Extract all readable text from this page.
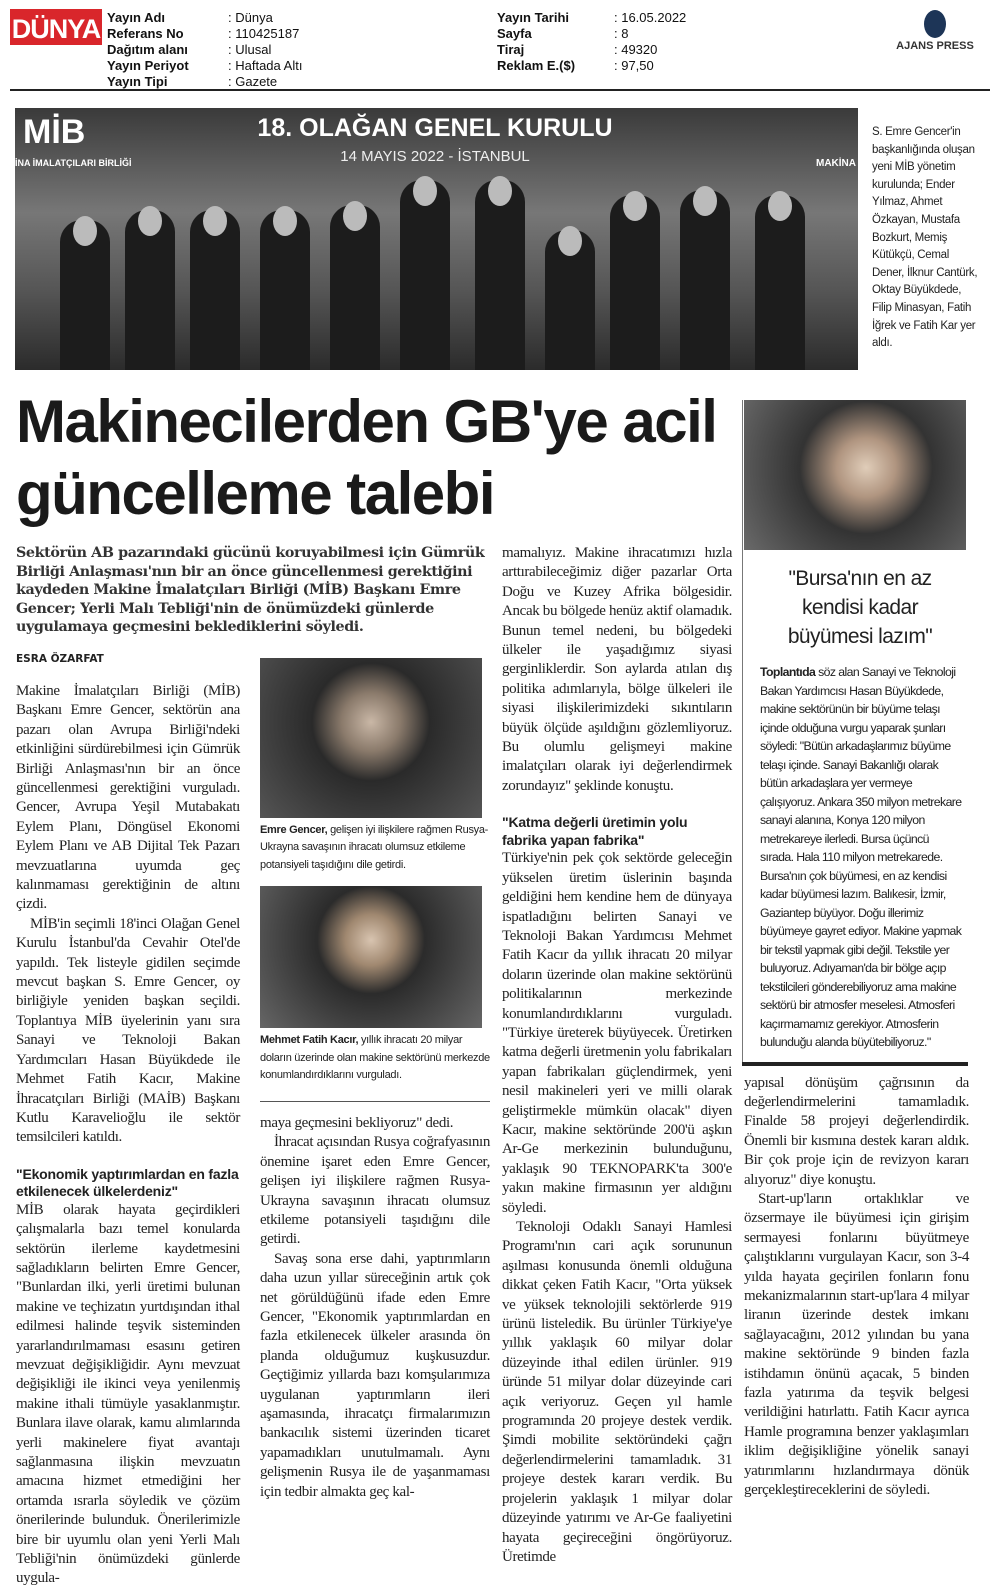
DÜNYA Yayın Adı	: Dünya
Referans No	: 110425187
Dağıtım alanı	: Ulusal
Yayın Periyot	: Haftada Altı
Yayın Tipi	: Gazete
Yayın Tarihi	: 16.05.2022
Sayfa	: 8
Tiraj	: 49320
Reklam E.($)	: 97,50
AJANS PRESS
MİB
İNA İMALATÇILARI BİRLİĞİ
18. OLAĞAN GENEL KURULU
14 MAYIS 2022 - İSTANBUL	MAKİNA
S. Emre Gencer'in başkanlığında oluşan yeni MİB yönetim kurulunda; Ender Yılmaz, Ahmet Özkayan, Mustafa Bozkurt, Memiş Kütükçü, Cemal Dener, İlknur Cantürk, Oktay Büyükdede, Filip Minasyan, Fatih İğrek ve Fatih Kar yer aldı.
Makinecilerden GB'ye acil güncelleme talebi
Sektörün AB pazarındaki gücünü koruyabilmesi için Gümrük Birliği Anlaşması'nın bir an önce güncellenmesi gerektiğini kaydeden Makine İmalatçıları Birliği (MİB) Başkanı Emre Gencer; Yerli Malı Tebliği'nin de önümüzdeki günlerde uygulamaya geçmesini beklediklerini söyledi.
ESRA ÖZARFAT

Makine İmalatçıları Birliği (MİB) Başkanı Emre Gencer, sektörün ana pazarı olan Avrupa Birliği'ndeki etkinliğini sürdürebilmesi için Gümrük Birliği Anlaşması'nın bir an önce güncellenmesi gerektiğini vurguladı. Gencer, Avrupa Yeşil Mutabakatı Eylem Planı, Döngüsel Ekonomi Eylem Planı ve AB Dijital Tek Pazarı mevzuatlarına uyumda geç kalınmaması gerektiğinin de altını çizdi.

MİB'in seçimli 18'inci Olağan Genel Kurulu İstanbul'da Cevahir Otel'de yapıldı. Tek listeyle gidilen seçimde mevcut başkan S. Emre Gencer, oy birliğiyle yeniden başkan seçildi. Toplantıya MİB üyelerinin yanı sıra Sanayi ve Teknoloji Bakan Yardımcıları Hasan Büyükdede ile Mehmet Fatih Kacır, Makine İhracatçıları Birliği (MAİB) Başkanı Kutlu Karavelioğlu ile sektör temsilcileri katıldı.

"Ekonomik yaptırımlardan en fazla etkilenecek ülkelerdeniz"

MİB olarak hayata geçirdikleri çalışmalarla bazı temel konularda sektörün ilerleme kaydetmesini sağladıkların belirten Emre Gencer, "Bunlardan ilki, yerli üretimi bulunan makine ve teçhizatın yurtdışından ithal edilmesi halinde teşvik sisteminden yararlandırılmaması esasını getiren mevzuat değişikliğidir. Aynı mevzuat değişikliği ile ikinci veya yenilenmiş makine ithali tümüyle yasaklanmıştır. Bunlara ilave olarak, kamu alımlarında yerli makinelere fiyat avantajı sağlanmasına ilişkin mevzuatın amacına hizmet etmediğini her ortamda ısrarla söyledik ve çözüm önerilerinde bulunduk. Önerilerimizle bire bir uyumlu olan yeni Yerli Malı Tebliği'nin önümüzdeki günlerde uygula-

Emre Gencer, gelişen iyi ilişkilere rağmen Rusya-Ukrayna savaşının ihracatı olumsuz etkileme potansiyeli taşıdığını dile getirdi.
Mehmet Fatih Kacır, yıllık ihracatı 20 milyar doların üzerinde olan makine sektörünü merkezde konumlandırdıklarını vurguladı.

maya geçmesini bekliyoruz" dedi.

İhracat açısından Rusya coğrafyasının önemine işaret eden Emre Gencer, gelişen iyi ilişkilere rağmen Rusya-Ukrayna savaşının ihracatı olumsuz etkileme potansiyeli taşıdığını dile getirdi.

Savaş sona erse dahi, yaptırımların daha uzun yıllar süreceğinin artık çok net görüldüğünü ifade eden Emre Gencer, "Ekonomik yaptırımlardan en fazla etkilenecek ülkeler arasında ön planda olduğumuz kuşkusuzdur. Geçtiğimiz yıllarda bazı komşularımıza uygulanan yaptırımların ileri aşamasında, ihracatçı firmalarımızın bankacılık sistemi üzerinden ticaret yapamadıkları unutulmamalı. Aynı gelişmenin Rusya ile de yaşanmaması için tedbir almakta geç kal-

mamalıyız. Makine ihracatımızı hızla arttırabileceğimiz diğer pazarlar Orta Doğu ve Kuzey Afrika bölgesidir. Ancak bu bölgede henüz aktif olamadık. Bunun temel nedeni, bu bölgedeki ülkeler ile yaşadığımız siyasi gerginliklerdir. Son aylarda atılan dış politika adımlarıyla, bölge ülkeleri ile siyasi ilişkilerimizdeki sıkıntıların büyük ölçüde aşıldığını gözlemliyoruz. Bu olumlu gelişmeyi makine imalatçıları olarak iyi değerlendirmek zorundayız" şeklinde konuştu.

"Katma değerli üretimin yolu fabrika yapan fabrika"

Türkiye'nin pek çok sektörde geleceğin yükselen üretim üslerinin başında geldiğini hem kendine hem de dünyaya ispatladığını belirten Sanayi ve Teknoloji Bakan Yardımcısı Mehmet Fatih Kacır da yıllık ihracatı 20 milyar doların üzerinde olan makine sektörünü politikalarının merkezinde konumlandırdıklarını vurguladı. "Türkiye üreterek büyüyecek. Üretirken katma değerli üretmenin yolu fabrikaları yapan fabrikaları güçlendirmek, yeni nesil makineleri yeri ve milli olarak geliştirmekle mümkün olacak" diyen Kacır, makine sektöründe 200'ü aşkın Ar-Ge merkezinin bulunduğunu, yaklaşık 90 TEKNOPARK'ta 300'e yakın makine firmasının yer aldığını söyledi.

Teknoloji Odaklı Sanayi Hamlesi Programı'nın cari açık sorununun aşılması konusunda önemli olduğuna dikkat çeken Fatih Kacır, "Orta yüksek ve yüksek teknolojili sektörlerde 919 ürünü listeledik. Bu ürünler Türkiye'ye yıllık yaklaşık 60 milyar dolar düzeyinde ithal edilen ürünler. 919 üründe 51 milyar dolar düzeyinde cari açık veriyoruz. Geçen yıl hamle programında 20 projeye destek verdik. Şimdi mobilite sektöründeki çağrı değerlendirmelerini tamamladık. 31 projeye destek kararı verdik. Bu projelerin yaklaşık 1 milyar dolar düzeyinde yatırımı ve Ar-Ge faaliyetini hayata geçireceğini öngörüyoruz. Üretimde

"Bursa'nın en az kendisi kadar büyümesi lazım"
Toplantıda söz alan Sanayi ve Teknoloji Bakan Yardımcısı Hasan Büyükdede, makine sektörünün bir büyüme telaşı içinde olduğuna vurgu yaparak şunları söyledi: "Bütün arkadaşlarımız büyüme telaşı içinde. Sanayi Bakanlığı olarak bütün arkadaşlara yer vermeye çalışıyoruz. Ankara 350 milyon metrekare sanayi alanına, Konya 120 milyon metrekareye ilerledi. Bursa üçüncü sırada. Hala 110 milyon metrekarede. Bursa'nın çok büyümesi, en az kendisi kadar büyümesi lazım. Balıkesir, İzmir, Gaziantep büyüyor. Doğu illerimiz büyümeye gayret ediyor. Makine yapmak bir tekstil yapmak gibi değil. Tekstile yer buluyoruz. Adıyaman'da bir bölge açıp tekstilcileri gönderebiliyoruz ama makine sektörü bir atmosfer meselesi. Atmosferi kaçırmamamız gerekiyor. Atmosferin bulunduğu alanda büyütebiliyoruz."

yapısal dönüşüm çağrısının da değerlendirmelerini tamamladık. Finalde 58 projeyi değerlendirdik. Önemli bir kısmına destek kararı aldık. Bir çok proje için de revizyon kararı alıyoruz" diye konuştu.

Start-up'ların ortaklıklar ve özsermaye ile büyümesi için girişim sermayesi fonlarını büyütmeye çalıştıklarını vurgulayan Kacır, son 3-4 yılda hayata geçirilen fonların fonu mekanizmalarının start-up'lara 4 milyar liranın üzerinde destek imkanı sağlayacağını, 2012 yılından bu yana makine sektöründe 9 binden fazla istihdamın önünü açacak, 5 binden fazla yatırıma da teşvik belgesi verildiğini hatırlattı. Fatih Kacır ayrıca Hamle programına benzer yaklaşımları iklim değişikliğine yönelik sanayi yatırımlarını hızlandırmaya dönük gerçekleştireceklerini de söyledi.
